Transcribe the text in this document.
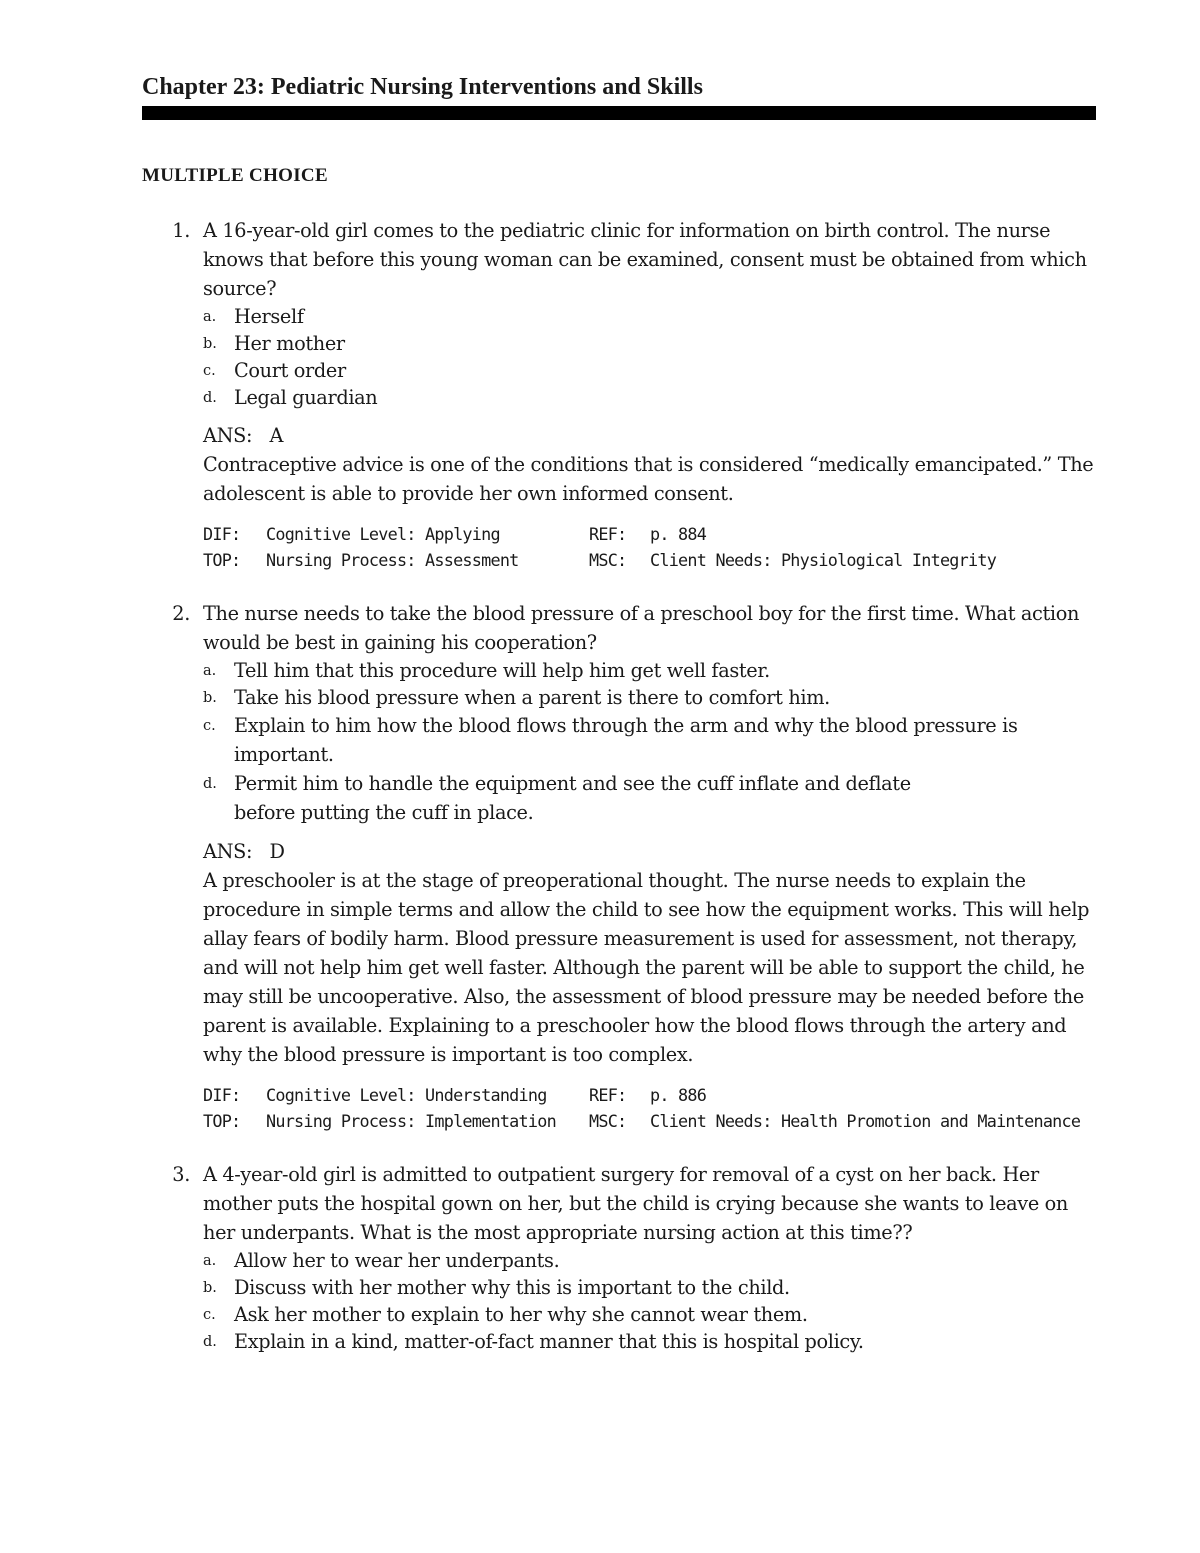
Chapter 23: Pediatric Nursing Interventions and Skills
MULTIPLE CHOICE
1. A 16-year-old girl comes to the pediatric clinic for information on birth control. The nurse knows that before this young woman can be examined, consent must be obtained from which source?

a. Herself
b. Her mother
c. Court order
d. Legal guardian
ANS: A
Contraceptive advice is one of the conditions that is considered “medically emancipated.” The adolescent is able to provide her own informed consent.
DIF: Cognitive Level: Applying	REF: p. 884
TOP: Nursing Process: Assessment	MSC: Client Needs: Physiological Integrity
2. The nurse needs to take the blood pressure of a preschool boy for the first time. What action would be best in gaining his cooperation?

a. Tell him that this procedure will help him get well faster.
b. Take his blood pressure when a parent is there to comfort him.
c. Explain to him how the blood flows through the arm and why the blood pressure is important.
d. Permit him to handle the equipment and see the cuff inflate and deflate before putting the cuff in place.
ANS: D
A preschooler is at the stage of preoperational thought. The nurse needs to explain the procedure in simple terms and allow the child to see how the equipment works. This will help allay fears of bodily harm. Blood pressure measurement is used for assessment, not therapy, and will not help him get well faster. Although the parent will be able to support the child, he may still be uncooperative. Also, the assessment of blood pressure may be needed before the parent is available. Explaining to a preschooler how the blood flows through the artery and why the blood pressure is important is too complex.
DIF: Cognitive Level: Understanding	REF: p. 886
TOP: Nursing Process: Implementation MSC: Client Needs: Health Promotion and Maintenance
3. A 4-year-old girl is admitted to outpatient surgery for removal of a cyst on her back. Her mother puts the hospital gown on her, but the child is crying because she wants to leave on her underpants. What is the most appropriate nursing action at this time??

a. Allow her to wear her underpants.
b. Discuss with her mother why this is important to the child.
c. Ask her mother to explain to her why she cannot wear them.
d. Explain in a kind, matter-of-fact manner that this is hospital policy.
